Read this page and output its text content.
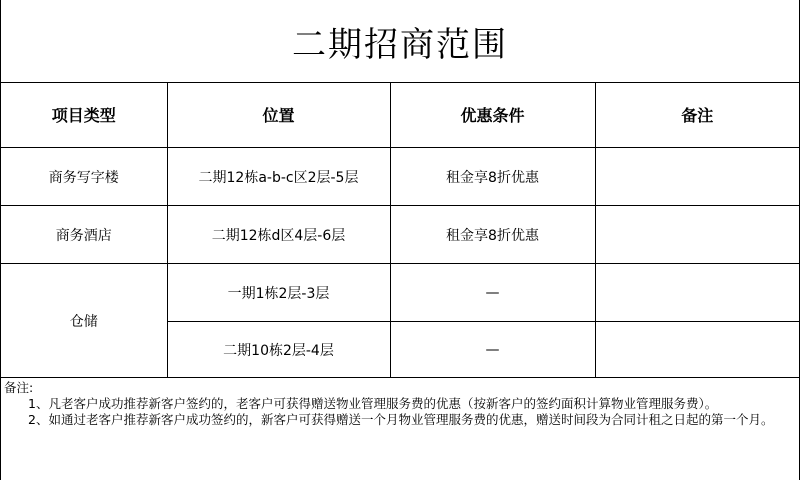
二期招商范围
项目类型	位置	优惠条件	备注
商务写字楼	二期12栋a-b-c区2层-5层	租金享8折优惠	
商务酒店	二期12栋d区4层-6层	租金享8折优惠	
仓储	一期1栋2层-3层	—	
	二期10栋2层-4层	—	

备注:

1、凡老客户成功推荐新客户签约的，老客户可获得赠送物业管理服务费的优惠（按新客户的签约面积计算物业管理服务费）。

2、如通过老客户推荐新客户成功签约的，新客户可获得赠送一个月物业管理服务费的优惠，赠送时间段为合同计租之日起的第一个月。
